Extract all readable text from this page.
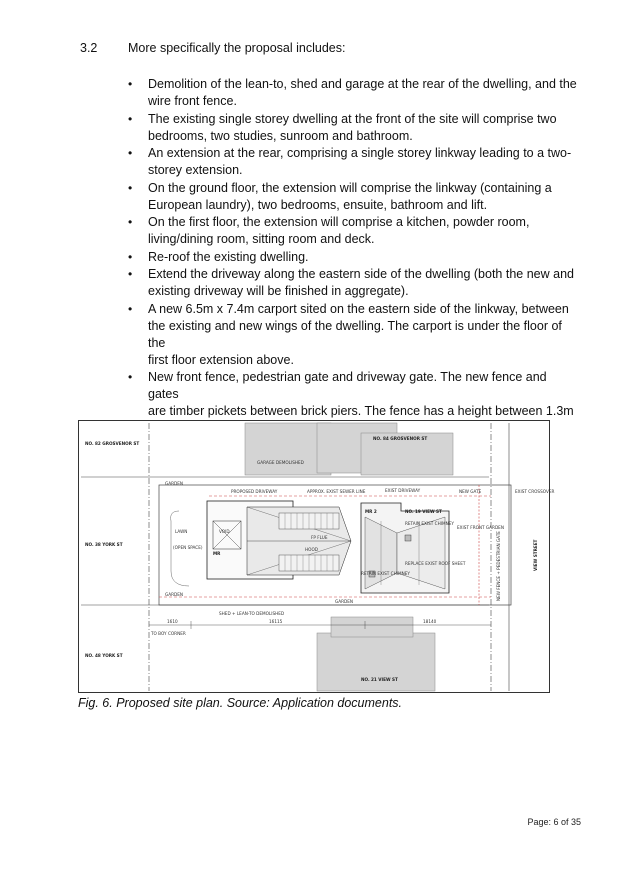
3.2 More specifically the proposal includes:
• Demolition of the lean-to, shed and garage at the rear of the dwelling, and the
wire front fence.
• The existing single storey dwelling at the front of the site will comprise two
bedrooms, two studies, sunroom and bathroom.
• An extension at the rear, comprising a single storey linkway leading to a two-
storey extension.
• On the ground floor, the extension will comprise the linkway (containing a
European laundry), two bedrooms, ensuite, bathroom and lift.
• On the first floor, the extension will comprise a kitchen, powder room,
living/dining room, sitting room and deck.
• Re-roof the existing dwelling.
• Extend the driveway along the eastern side of the dwelling (both the new and
existing driveway will be finished in aggregate).
• A new 6.5m x 7.4m carport sited on the eastern side of the linkway, between
the existing and new wings of the dwelling. The carport is under the floor of the
first floor extension above.
• New front fence, pedestrian gate and driveway gate. The new fence and gates
are timber pickets between brick piers. The fence has a height between 1.3m

NO. 82 GROSVENOR ST
NO. 84 GROSVENOR ST
GARAGE DEMOLISHED
GARDEN
PROPOSED DRIVEWAY	APPROX. EXIST SEWER LINE	EXIST DRIVEWAY	NEW GATE	EXIST CROSSOVER
NO. 38 YORK ST
LAWN
(OPEN SPACE)
VOID
MR
MR 2
FP FLUE
HOOD
NO. 19 VIEW ST
RETAIN EXIST CHIMNEY
EXIST FRONT GARDEN
REPLACE EXIST ROOF SHEET
RETAIN EXIST CHIMNEY
VIEW STREET
NEW FENCE + PEDESTRIAN GATE
GARDEN
GARDEN
SHED + LEAN-TO DEMOLISHED
TO BOY CORNER
1610	16115	18140
NO. 48 YORK ST
NO. 21 VIEW ST
Fig. 6. Proposed site plan. Source: Application documents.
Page: 6 of 35
